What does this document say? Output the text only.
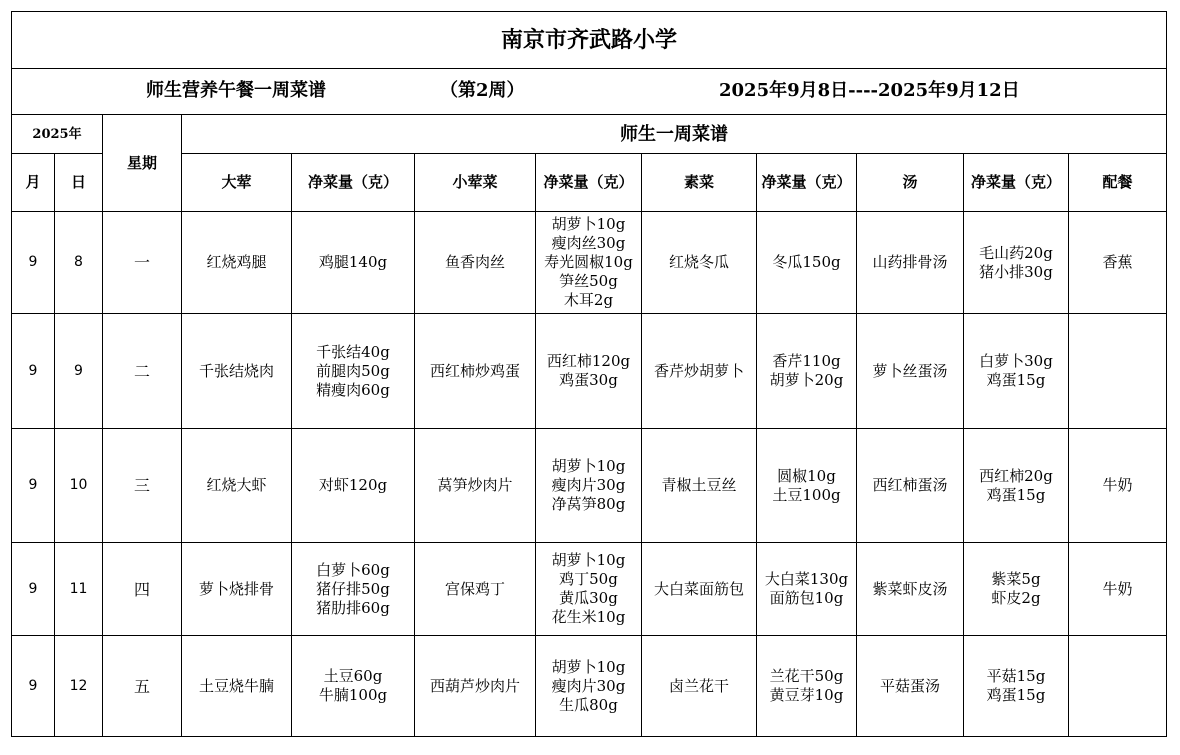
南京市齐武路小学											

师生营养午餐一周菜谱 （第2周） 2025年9月8日----2025年9月12日											

2025年		星期	师生一周菜谱								
月	日		大荤	净菜量（克）	小荤菜	净菜量（克）	素菜	净菜量（克）	汤	净菜量（克）	配餐
9	8	一	红烧鸡腿	鸡腿140g	鱼香肉丝	胡萝卜10g
瘦肉丝30g
寿光圆椒10g
笋丝50g
木耳2g	红烧冬瓜	冬瓜150g	山药排骨汤	毛山药20g
猪小排30g	香蕉
9	9	二	千张结烧肉	千张结40g
前腿肉50g
精瘦肉60g	西红柿炒鸡蛋	西红柿120g
鸡蛋30g	香芹炒胡萝卜	香芹110g
胡萝卜20g	萝卜丝蛋汤	白萝卜30g
鸡蛋15g	

9	10	三	红烧大虾	对虾120g	莴笋炒肉片	胡萝卜10g
瘦肉片30g
净莴笋80g	青椒土豆丝	圆椒10g
土豆100g	西红柿蛋汤	西红柿20g
鸡蛋15g	牛奶
9	11	四	萝卜烧排骨	白萝卜60g
猪仔排50g
猪肋排60g	宫保鸡丁	胡萝卜10g
鸡丁50g
黄瓜30g
花生米10g	大白菜面筋包	大白菜130g
面筋包10g	紫菜虾皮汤	紫菜5g
虾皮2g	牛奶
9	12	五	土豆烧牛腩	土豆60g
牛腩100g	西葫芦炒肉片	胡萝卜10g
瘦肉片30g
生瓜80g	卤兰花干	兰花干50g
黄豆芽10g	平菇蛋汤	平菇15g
鸡蛋15g	
